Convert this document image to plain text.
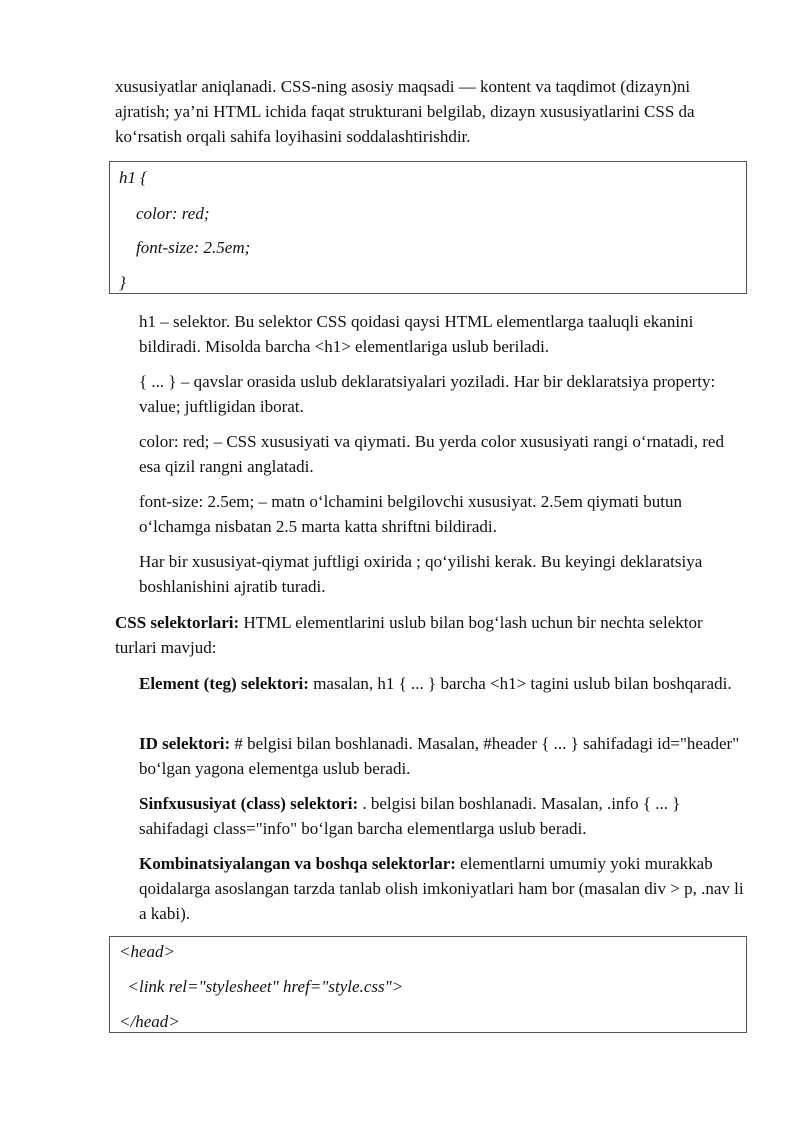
xususiyatlar aniqlanadi. CSS-ning asosiy maqsadi — kontent va taqdimot (dizayn)ni ajratish; ya’ni HTML ichida faqat strukturani belgilab, dizayn xususiyatlarini CSS da ko‘rsatish orqali sahifa loyihasini soddalashtirishdir.

h1 {
color: red;
font-size: 2.5em;
}

h1 – selektor. Bu selektor CSS qoidasi qaysi HTML elementlarga taaluqli ekanini bildiradi. Misolda barcha <h1> elementlariga uslub beriladi.

{ ... } – qavslar orasida uslub deklaratsiyalari yoziladi. Har bir deklaratsiya property: value; juftligidan iborat.

color: red; – CSS xususiyati va qiymati. Bu yerda color xususiyati rangi o‘rnatadi, red esa qizil rangni anglatadi.

font-size: 2.5em; – matn o‘lchamini belgilovchi xususiyat. 2.5em qiymati butun o‘lchamga nisbatan 2.5 marta katta shriftni bildiradi.

Har bir xususiyat-qiymat juftligi oxirida ; qo‘yilishi kerak. Bu keyingi deklaratsiya boshlanishini ajratib turadi.

CSS selektorlari: HTML elementlarini uslub bilan bog‘lash uchun bir nechta selektor turlari mavjud:

Element (teg) selektori: masalan, h1 { ... } barcha <h1> tagini uslub bilan boshqaradi.

ID selektori: # belgisi bilan boshlanadi. Masalan, #header { ... } sahifadagi id="header" bo‘lgan yagona elementga uslub beradi.

Sinfxususiyat (class) selektori: . belgisi bilan boshlanadi. Masalan, .info { ... } sahifadagi class="info" bo‘lgan barcha elementlarga uslub beradi.

Kombinatsiyalangan va boshqa selektorlar: elementlarni umumiy yoki murakkab qoidalarga asoslangan tarzda tanlab olish imkoniyatlari ham bor (masalan div > p, .nav li a kabi).

<head>
<link rel="stylesheet" href="style.css">
</head>
